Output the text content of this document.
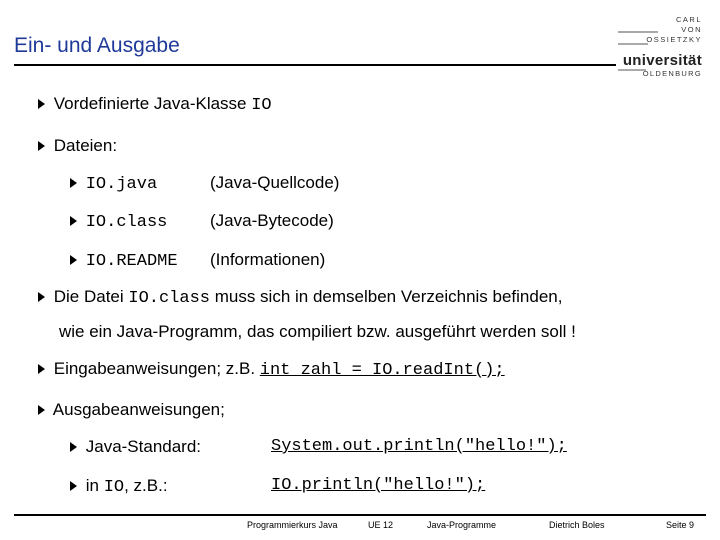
Ein- und Ausgabe
CARL
VON
OSSIETZKY
universität
OLDENBURG
Vordefinierte Java-Klasse IO
Dateien:
IO.java	(Java-Quellcode)
IO.class	(Java-Bytecode)
IO.README (Informationen)
Die Datei IO.class muss sich in demselben Verzeichnis befinden,
wie ein Java-Programm, das compiliert bzw. ausgeführt werden soll !
Eingabeanweisungen; z.B. int zahl = IO.readInt();
Ausgabeanweisungen;
Java-Standard:	System.out.println("hello!");
in IO, z.B.:	IO.println("hello!");
Programmierkurs Java	UE 12	Java-Programme	Dietrich Boles	Seite 9
